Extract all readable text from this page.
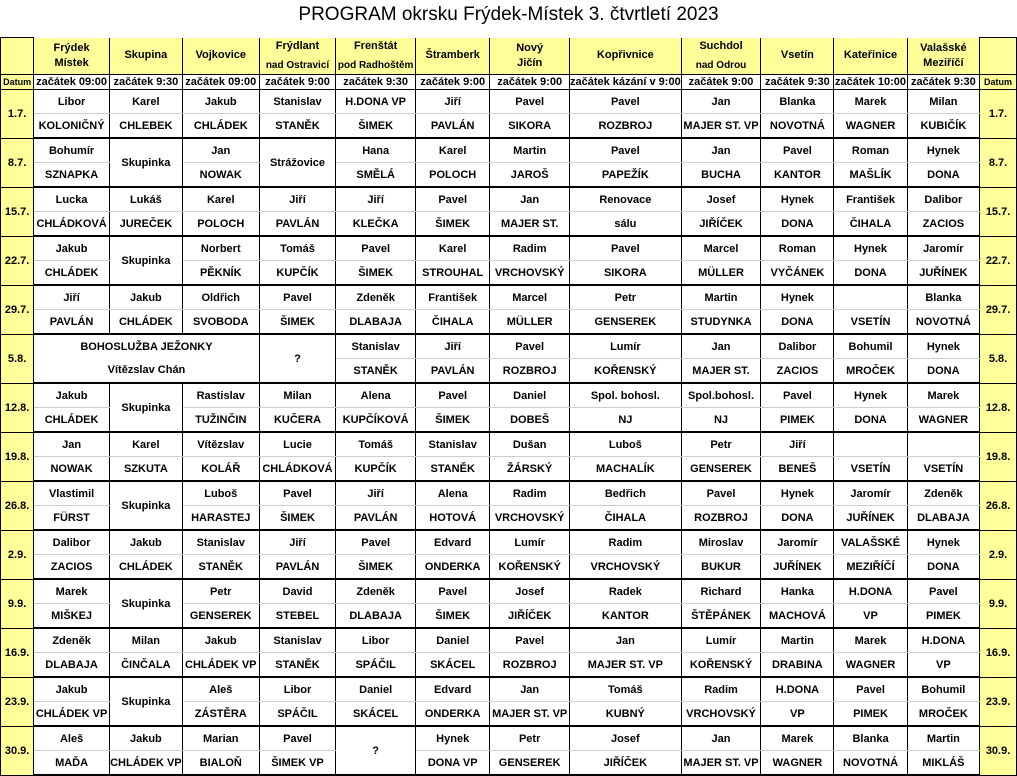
PROGRAM okrsku Frýdek-Místek 3. čtvrtletí 2023

	Frýdek
Místek	Skupina	Vojkovice	Frýdlant
nad Ostravicí	Frenštát
pod Radhoštěm	Štramberk	Nový
Jičín	Kopřivnice	Suchdol
nad Odrou	Vsetín	Kateřinice	Valašské
Meziříčí	

Datum	začátek 09:00	začátek 9:30	začátek 09:00	začátek 9:00	začátek 9:30	začátek 9:00	začátek 9:00	začátek kázání v 9:00	začátek 9:00	začátek 9:30	začátek 10:00	začátek 9:30	Datum
1.7.	Libor	Karel	Jakub	Stanislav	H.DONA VP	Jiří	Pavel	Pavel	Jan	Blanka	Marek	Milan	1.7.
	KOLONIČNÝ	CHLEBEK	CHLÁDEK	STANĚK	ŠIMEK	PAVLÁN	SIKORA	ROZBROJ	MAJER ST. VP	NOVOTNÁ	WAGNER	KUBIČÍK	
8.7.	Bohumír	Skupinka	Jan	Strážovice	Hana	Karel	Martin	Pavel	Jan	Pavel	Roman	Hynek	8.7.
	SZNAPKA		NOWAK		SMĚLÁ	POLOCH	JAROŠ	PAPEŽÍK	BUCHA	KANTOR	MAŠLÍK	DONA	
15.7.	Lucka	Lukáš	Karel	Jiří	Jiří	Pavel	Jan	Renovace	Josef	Hynek	František	Dalibor	15.7.
	CHLÁDKOVÁ	JUREČEK	POLOCH	PAVLÁN	KLEČKA	ŠIMEK	MAJER ST.	sálu	JIŘÍČEK	DONA	ČIHALA	ZACIOS	
22.7.	Jakub	Skupinka	Norbert	Tomáš	Pavel	Karel	Radim	Pavel	Marcel	Roman	Hynek	Jaromír	22.7.
	CHLÁDEK		PĚKNÍK	KUPČÍK	ŠIMEK	STROUHAL	VRCHOVSKÝ	SIKORA	MÜLLER	VYČÁNEK	DONA	JUŘÍNEK	
29.7.	Jiří	Jakub	Oldřich	Pavel	Zdeněk	František	Marcel	Petr	Martin	Hynek		Blanka	29.7.
	PAVLÁN	CHLÁDEK	SVOBODA	ŠIMEK	DLABAJA	ČIHALA	MÜLLER	GENSEREK	STUDYNKA	DONA	VSETÍN	NOVOTNÁ	
5.8.	BOHOSLUŽBA JEŽONKY			?	Stanislav	Jiří	Pavel	Lumír	Jan	Dalibor	Bohumil	Hynek	5.8.
	Vítězslav Chán				STANĚK	PAVLÁN	ROZBROJ	KOŘENSKÝ	MAJER ST.	ZACIOS	MROČEK	DONA	
12.8.	Jakub	Skupinka	Rastislav	Milan	Alena	Pavel	Daniel	Spol. bohosl.	Spol.bohosl.	Pavel	Hynek	Marek	12.8.
	CHLÁDEK		TUŽINČIN	KUČERA	KUPČÍKOVÁ	ŠIMEK	DOBEŠ	NJ	NJ	PIMEK	DONA	WAGNER	
19.8.	Jan	Karel	Vítězslav	Lucie	Tomáš	Stanislav	Dušan	Luboš	Petr	Jiří			19.8.
	NOWAK	SZKUTA	KOLÁŘ	CHLÁDKOVÁ	KUPČÍK	STANĚK	ŽÁRSKÝ	MACHALÍK	GENSEREK	BENEŠ	VSETÍN	VSETÍN	
26.8.	Vlastimil	Skupinka	Luboš	Pavel	Jiří	Alena	Radim	Bedřich	Pavel	Hynek	Jaromír	Zdeněk	26.8.
	FÜRST		HARASTEJ	ŠIMEK	PAVLÁN	HOTOVÁ	VRCHOVSKÝ	ČIHALA	ROZBROJ	DONA	JUŘÍNEK	DLABAJA	
2.9.	Dalibor	Jakub	Stanislav	Jiří	Pavel	Edvard	Lumír	Radim	Miroslav	Jaromír	VALAŠSKÉ	Hynek	2.9.
	ZACIOS	CHLÁDEK	STANĚK	PAVLÁN	ŠIMEK	ONDERKA	KOŘENSKÝ	VRCHOVSKÝ	BUKUR	JUŘÍNEK	MEZIŘÍČÍ	DONA	
9.9.	Marek	Skupinka	Petr	David	Zdeněk	Pavel	Josef	Radek	Richard	Hanka	H.DONA	Pavel	9.9.
	MIŠKEJ		GENSEREK	STEBEL	DLABAJA	ŠIMEK	JIŘÍČEK	KANTOR	ŠTĚPÁNEK	MACHOVÁ	VP	PIMEK	
16.9.	Zdeněk	Milan	Jakub	Stanislav	Libor	Daniel	Pavel	Jan	Lumír	Martin	Marek	H.DONA	16.9.
	DLABAJA	ČINČALA	CHLÁDEK VP	STANĚK	SPÁČIL	SKÁCEL	ROZBROJ	MAJER ST. VP	KOŘENSKÝ	DRABINA	WAGNER	VP	
23.9.	Jakub	Skupinka	Aleš	Libor	Daniel	Edvard	Jan	Tomáš	Radim	H.DONA	Pavel	Bohumil	23.9.
	CHLÁDEK VP		ZÁSTĚRA	SPÁČIL	SKÁCEL	ONDERKA	MAJER ST. VP	KUBNÝ	VRCHOVSKÝ	VP	PIMEK	MROČEK	
30.9.	Aleš	Jakub	Marian	Pavel	?	Hynek	Petr	Josef	Jan	Marek	Blanka	Martin	30.9.
	MAĎA	CHLÁDEK VP	BIALOŇ	ŠIMEK VP		DONA VP	GENSEREK	JIŘÍČEK	MAJER ST. VP	WAGNER	NOVOTNÁ	MIKLÁŠ	
